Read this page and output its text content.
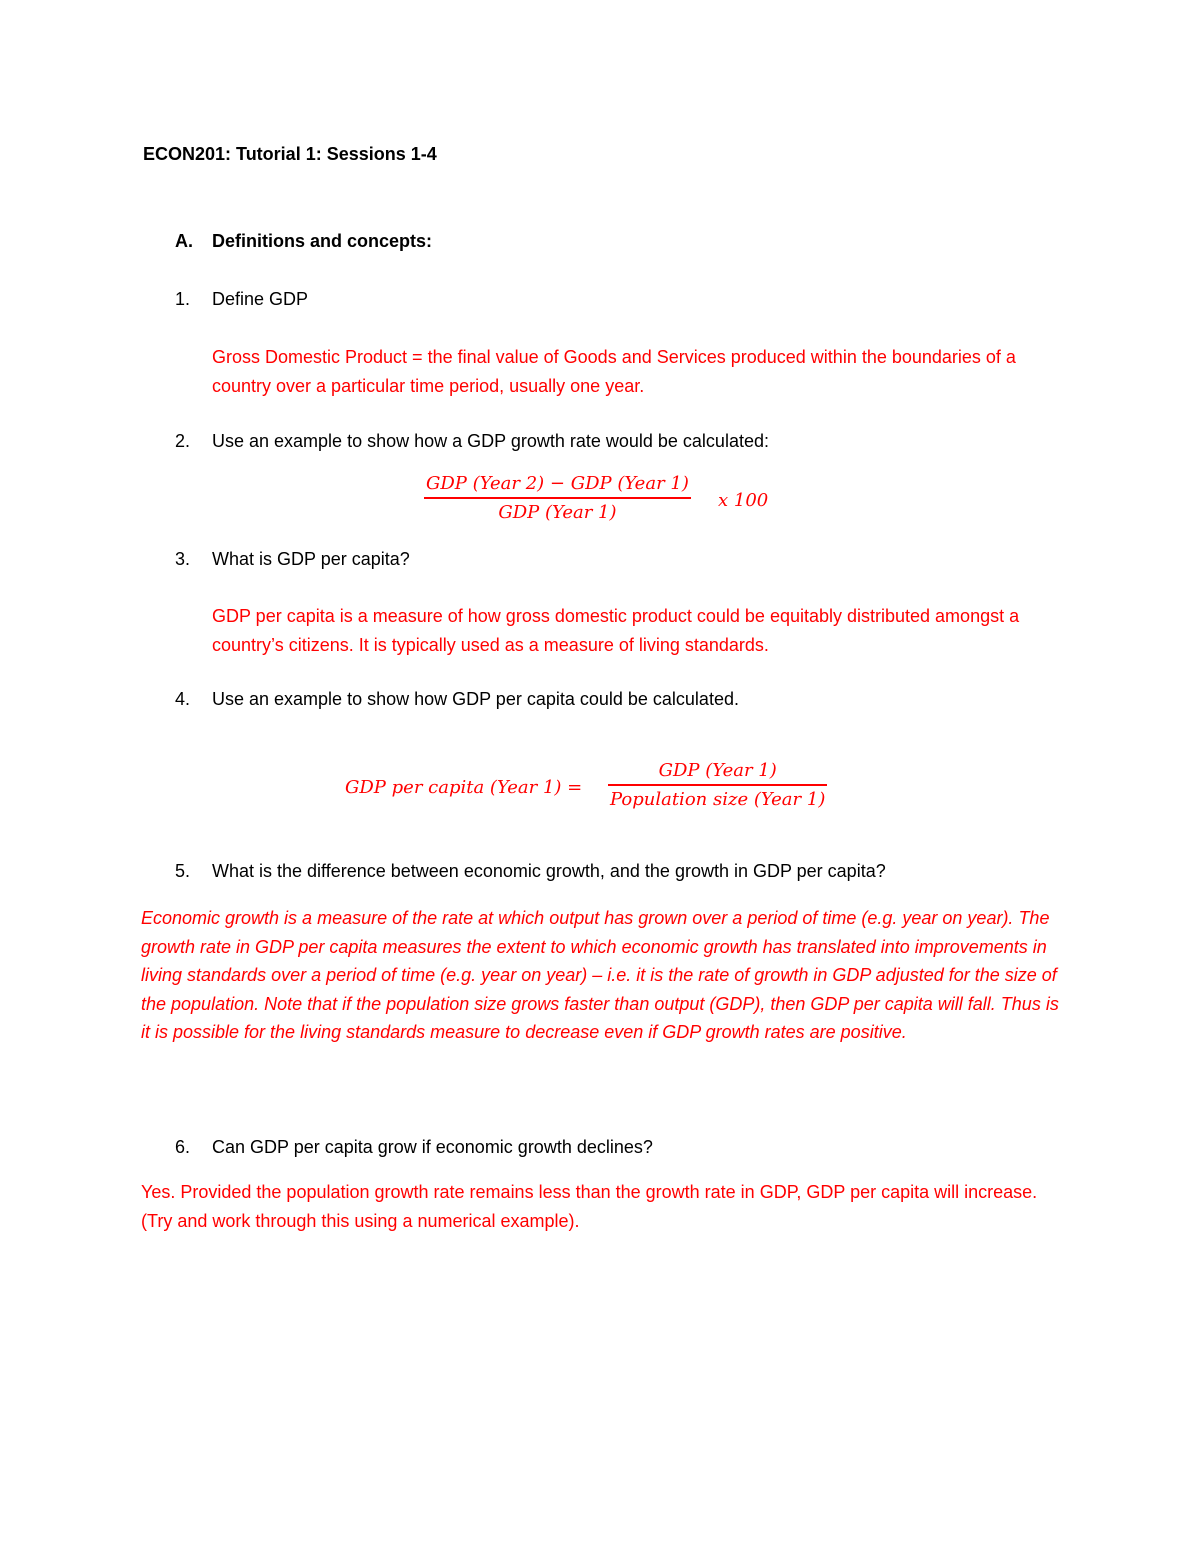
ECON201: Tutorial 1: Sessions 1-4

A. Definitions and concepts:

1. Define GDP

Gross Domestic Product = the final value of Goods and Services produced within the boundaries of a country over a particular time period, usually one year.

2. Use an example to show how a GDP growth rate would be calculated:

GDP (Year 2) − GDP (Year 1)
GDP (Year 1)
x 100

3. What is GDP per capita?

GDP per capita is a measure of how gross domestic product could be equitably distributed amongst a country’s citizens. It is typically used as a measure of living standards.

4. Use an example to show how GDP per capita could be calculated.

GDP per capita (Year 1) =
GDP (Year 1)
Population size (Year 1)

5. What is the difference between economic growth, and the growth in GDP per capita?

Economic growth is a measure of the rate at which output has grown over a period of time (e.g. year on year). The growth rate in GDP per capita measures the extent to which economic growth has translated into improvements in living standards over a period of time (e.g. year on year) – i.e. it is the rate of growth in GDP adjusted for the size of the population. Note that if the population size grows faster than output (GDP), then GDP per capita will fall. Thus is it is possible for the living standards measure to decrease even if GDP growth rates are positive.

6. Can GDP per capita grow if economic growth declines?

Yes. Provided the population growth rate remains less than the growth rate in GDP, GDP per capita will increase. (Try and work through this using a numerical example).
